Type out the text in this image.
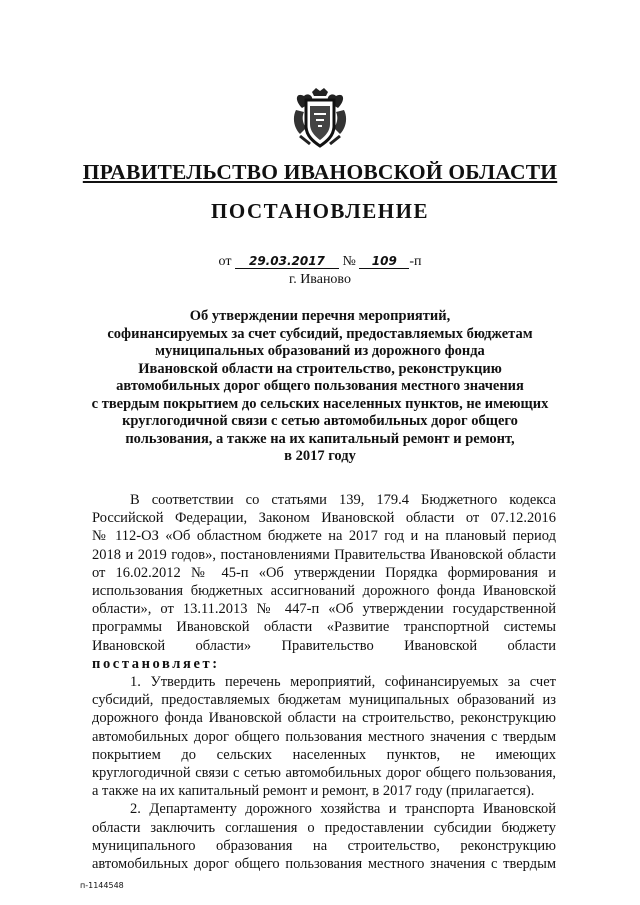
ПРАВИТЕЛЬСТВО ИВАНОВСКОЙ ОБЛАСТИ
ПОСТАНОВЛЕНИЕ
от 29.03.2017 № 109 -п
г. Иваново
Об утверждении перечня мероприятий,
софинансируемых за счет субсидий, предоставляемых бюджетам
муниципальных образований из дорожного фонда
Ивановской области на строительство, реконструкцию
автомобильных дорог общего пользования местного значения
с твердым покрытием до сельских населенных пунктов, не имеющих
круглогодичной связи с сетью автомобильных дорог общего
пользования, а также на их капитальный ремонт и ремонт,
в 2017 году
В соответствии со статьями 139, 179.4 Бюджетного кодекса
Российской Федерации, Законом Ивановской области от 07.12.2016
№ 112-ОЗ «Об областном бюджете на 2017 год и на плановый период
2018 и 2019 годов», постановлениями Правительства Ивановской области
от 16.02.2012 № 45-п «Об утверждении Порядка формирования и
использования бюджетных ассигнований дорожного фонда Ивановской
области», от 13.11.2013 № 447-п «Об утверждении государственной
программы Ивановской области «Развитие транспортной системы
Ивановской области» Правительство Ивановской области
постановляет:
1. Утвердить перечень мероприятий, софинансируемых за счет
субсидий, предоставляемых бюджетам муниципальных образований из
дорожного фонда Ивановской области на строительство, реконструкцию
автомобильных дорог общего пользования местного значения с твердым
покрытием до сельских населенных пунктов, не имеющих
круглогодичной связи с сетью автомобильных дорог общего пользования,
а также на их капитальный ремонт и ремонт, в 2017 году (прилагается).
2. Департаменту дорожного хозяйства и транспорта Ивановской
области заключить соглашения о предоставлении субсидии бюджету
муниципального образования на строительство, реконструкцию
автомобильных дорог общего пользования местного значения с твердым
п-1144548
